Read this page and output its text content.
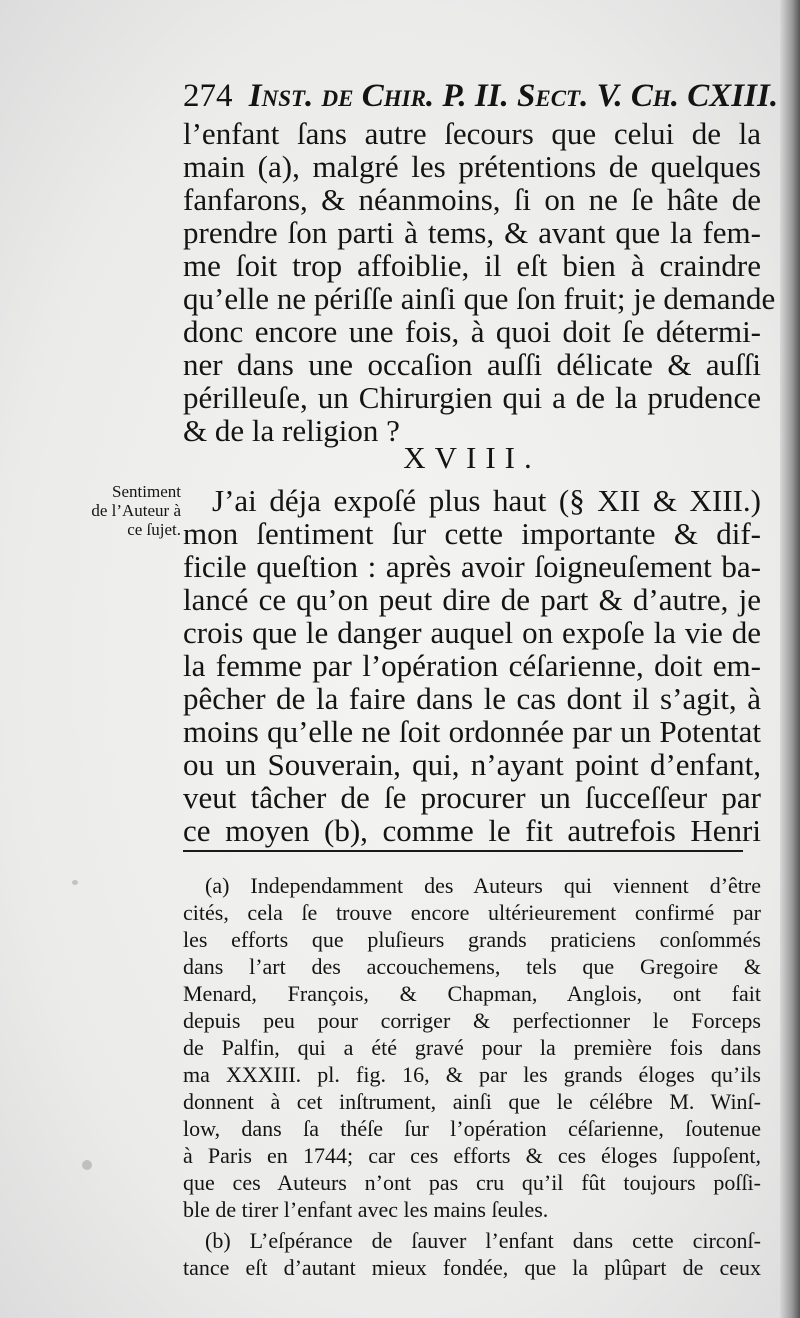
274 Inst. de Chir. P. II. Sect. V. Ch. CXIII.
l’enfant ſans autre ſecours que celui de la
main (a), malgré les prétentions de quelques
fanfarons, & néanmoins, ſi on ne ſe hâte de
prendre ſon parti à tems, & avant que la fem-
me ſoit trop affoiblie, il eſt bien à craindre
qu’elle ne périſſe ainſi que ſon fruit; je demande
donc encore une fois, à quoi doit ſe détermi-
ner dans une occaſion auſſi délicate & auſſi
périlleuſe, un Chirurgien qui a de la prudence
& de la religion ?
XVIII.
Sentiment
de l’Auteur à
ce ſujet.
J’ai déja expoſé plus haut (§ XII & XIII.)
mon ſentiment ſur cette importante & dif-
ficile queſtion : après avoir ſoigneuſement ba-
lancé ce qu’on peut dire de part & d’autre, je
crois que le danger auquel on expoſe la vie de
la femme par l’opération céſarienne, doit em-
pêcher de la faire dans le cas dont il s’agit, à
moins qu’elle ne ſoit ordonnée par un Potentat
ou un Souverain, qui, n’ayant point d’enfant,
veut tâcher de ſe procurer un ſucceſſeur par
ce moyen (b), comme le fit autrefois Henri
(a) Independamment des Auteurs qui viennent d’être
cités, cela ſe trouve encore ultérieurement confirmé par
les efforts que pluſieurs grands praticiens conſommés
dans l’art des accouchemens, tels que Gregoire &
Menard, François, & Chapman, Anglois, ont fait
depuis peu pour corriger & perfectionner le Forceps
de Palfin, qui a été gravé pour la première fois dans
ma XXXIII. pl. fig. 16, & par les grands éloges qu’ils
donnent à cet inſtrument, ainſi que le célébre M. Winſ-
low, dans ſa théſe ſur l’opération céſarienne, ſoutenue
à Paris en 1744; car ces efforts & ces éloges ſuppoſent,
que ces Auteurs n’ont pas cru qu’il fût toujours poſſi-
ble de tirer l’enfant avec les mains ſeules.
(b) L’eſpérance de ſauver l’enfant dans cette circonſ-
tance eſt d’autant mieux fondée, que la plûpart de ceux
